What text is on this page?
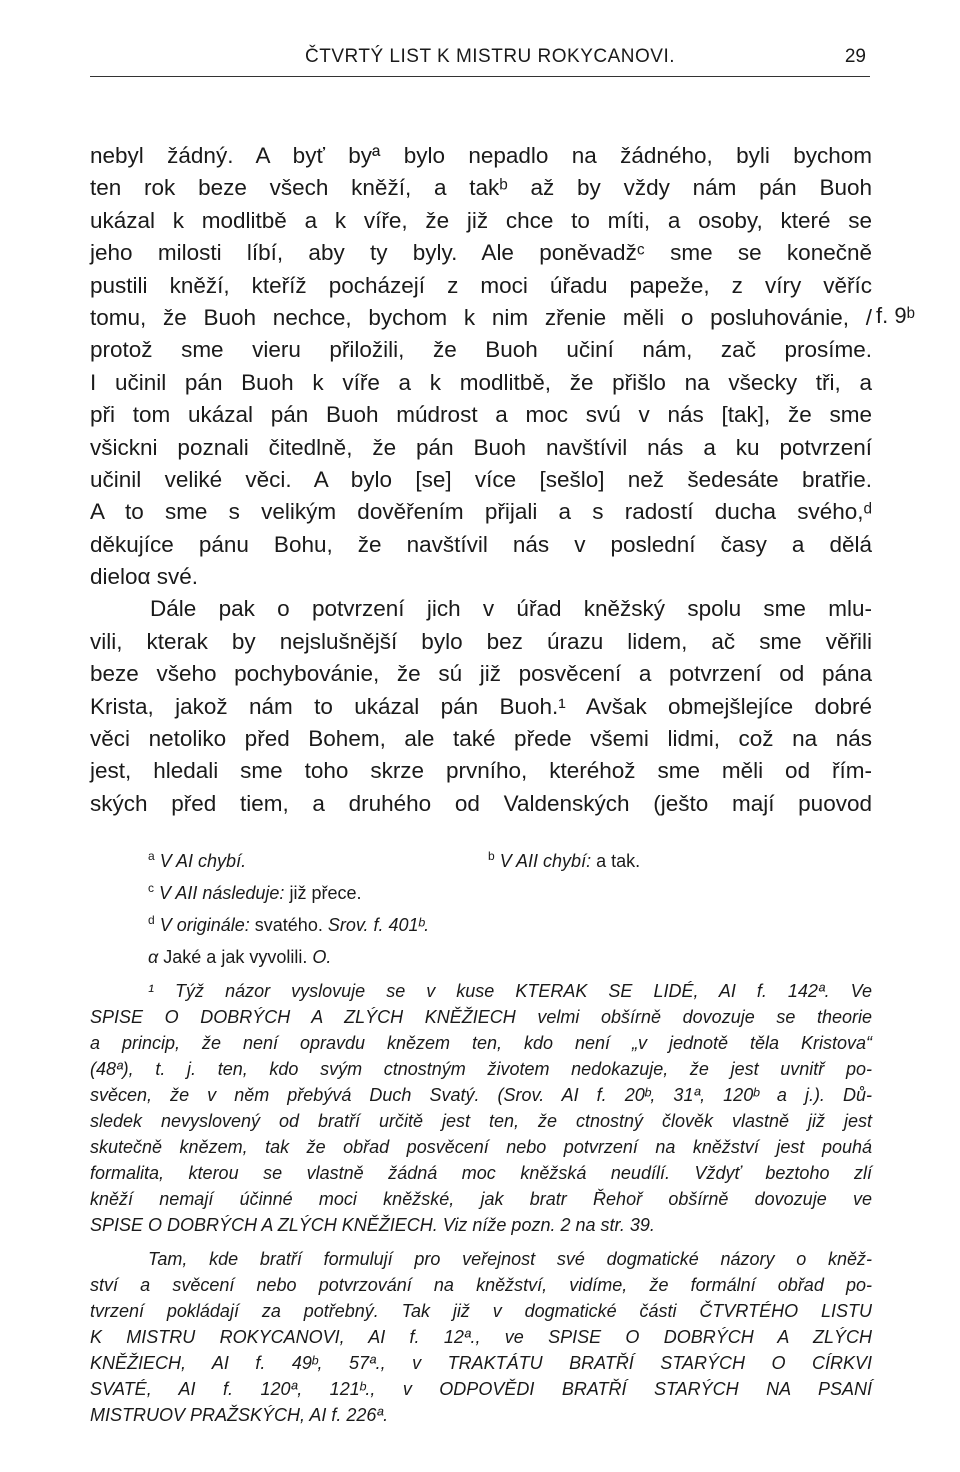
ČTVRTÝ LIST K MISTRU ROKYCANOVI.	29
nebyl žádný. A byť byª bylo nepadlo na žádného, byli bychom
ten rok beze všech kněží, a takᵇ až by vždy nám pán Buoh
ukázal k modlitbě a k víře, že již chce to míti, a osoby, které se
jeho milosti líbí, aby ty byly. Ale poněvadžᶜ sme se konečně
pustili kněží, kteříž pocházejí z moci úřadu papeže, z víry věříc
tomu, že Buoh nechce, bychom k nim zřenie měli o posluhovánie, /
protož sme vieru přiložili, že Buoh učiní nám, zač prosíme.
I učinil pán Buoh k víře a k modlitbě, že přišlo na všecky tři, a
při tom ukázal pán Buoh múdrost a moc svú v nás [tak], že sme
všickni poznali čitedlně, že pán Buoh navštívil nás a ku potvrzení
učinil veliké věci. A bylo [se] více [sešlo] než šedesáte bratřie.
A to sme s velikým dověřením přijali a s radostí ducha svého,ᵈ
děkujíce pánu Bohu, že navštívil nás v poslední časy a dělá
dieloα své.
Dále pak o potvrzení jich v úřad kněžský spolu sme mlu-
vili, kterak by nejslušnější bylo bez úrazu lidem, ač sme věřili
beze všeho pochybovánie, že sú již posvěcení a potvrzení od pána
Krista, jakož nám to ukázal pán Buoh.¹ Avšak obmejšlejíce dobré
věci netoliko před Bohem, ale také přede všemi lidmi, což na nás
jest, hledali sme toho skrze prvního, kteréhož sme měli od řím-
ských před tiem, a druhého od Valdenských (ješto mají puovod
f. 9ᵇ
$^a$ V AI chybí.	$^b$ V AII chybí: a tak.
$^c$ V AII následuje: již přece.
$^d$ V originále: svatého. Srov. f. 401ᵇ.
α Jaké a jak vyvolili. O.
¹ Týž názor vyslovuje se v kuse KTERAK SE LIDÉ, AI f. 142ª. Ve
SPISE O DOBRÝCH A ZLÝCH KNĚŽIECH velmi obšírně dovozuje se theorie
a princip, že není opravdu knězem ten, kdo není „v jednotě těla Kristova“
(48ª), t. j. ten, kdo svým ctnostným životem nedokazuje, že jest uvnitř po-
svěcen, že v něm přebývá Duch Svatý. (Srov. AI f. 20ᵇ, 31ª, 120ᵇ a j.). Dů-
sledek nevyslovený od bratří určitě jest ten, že ctnostný člověk vlastně již jest
skutečně knězem, tak že obřad posvěcení nebo potvrzení na kněžství jest pouhá
formalita, kterou se vlastně žádná moc kněžská neudílí. Vždyť beztoho zlí
kněží nemají účinné moci kněžské, jak bratr Řehoř obšírně dovozuje ve
SPISE O DOBRÝCH A ZLÝCH KNĚŽIECH. Viz níže pozn. 2 na str. 39.
Tam, kde bratří formulují pro veřejnost své dogmatické názory o kněž-
ství a svěcení nebo potvrzování na kněžství, vidíme, že formální obřad po-
tvrzení pokládají za potřebný. Tak již v dogmatické části ČTVRTÉHO LISTU
K MISTRU ROKYCANOVI, AI f. 12ª., ve SPISE O DOBRÝCH A ZLÝCH
KNĚŽIECH, AI f. 49ᵇ, 57ª., v TRAKTÁTU BRATŘÍ STARÝCH O CÍRKVI
SVATÉ, AI f. 120ª, 121ᵇ., v ODPOVĚDI BRATŘÍ STARÝCH NA PSANÍ
MISTRUOV PRAŽSKÝCH, AI f. 226ª.
